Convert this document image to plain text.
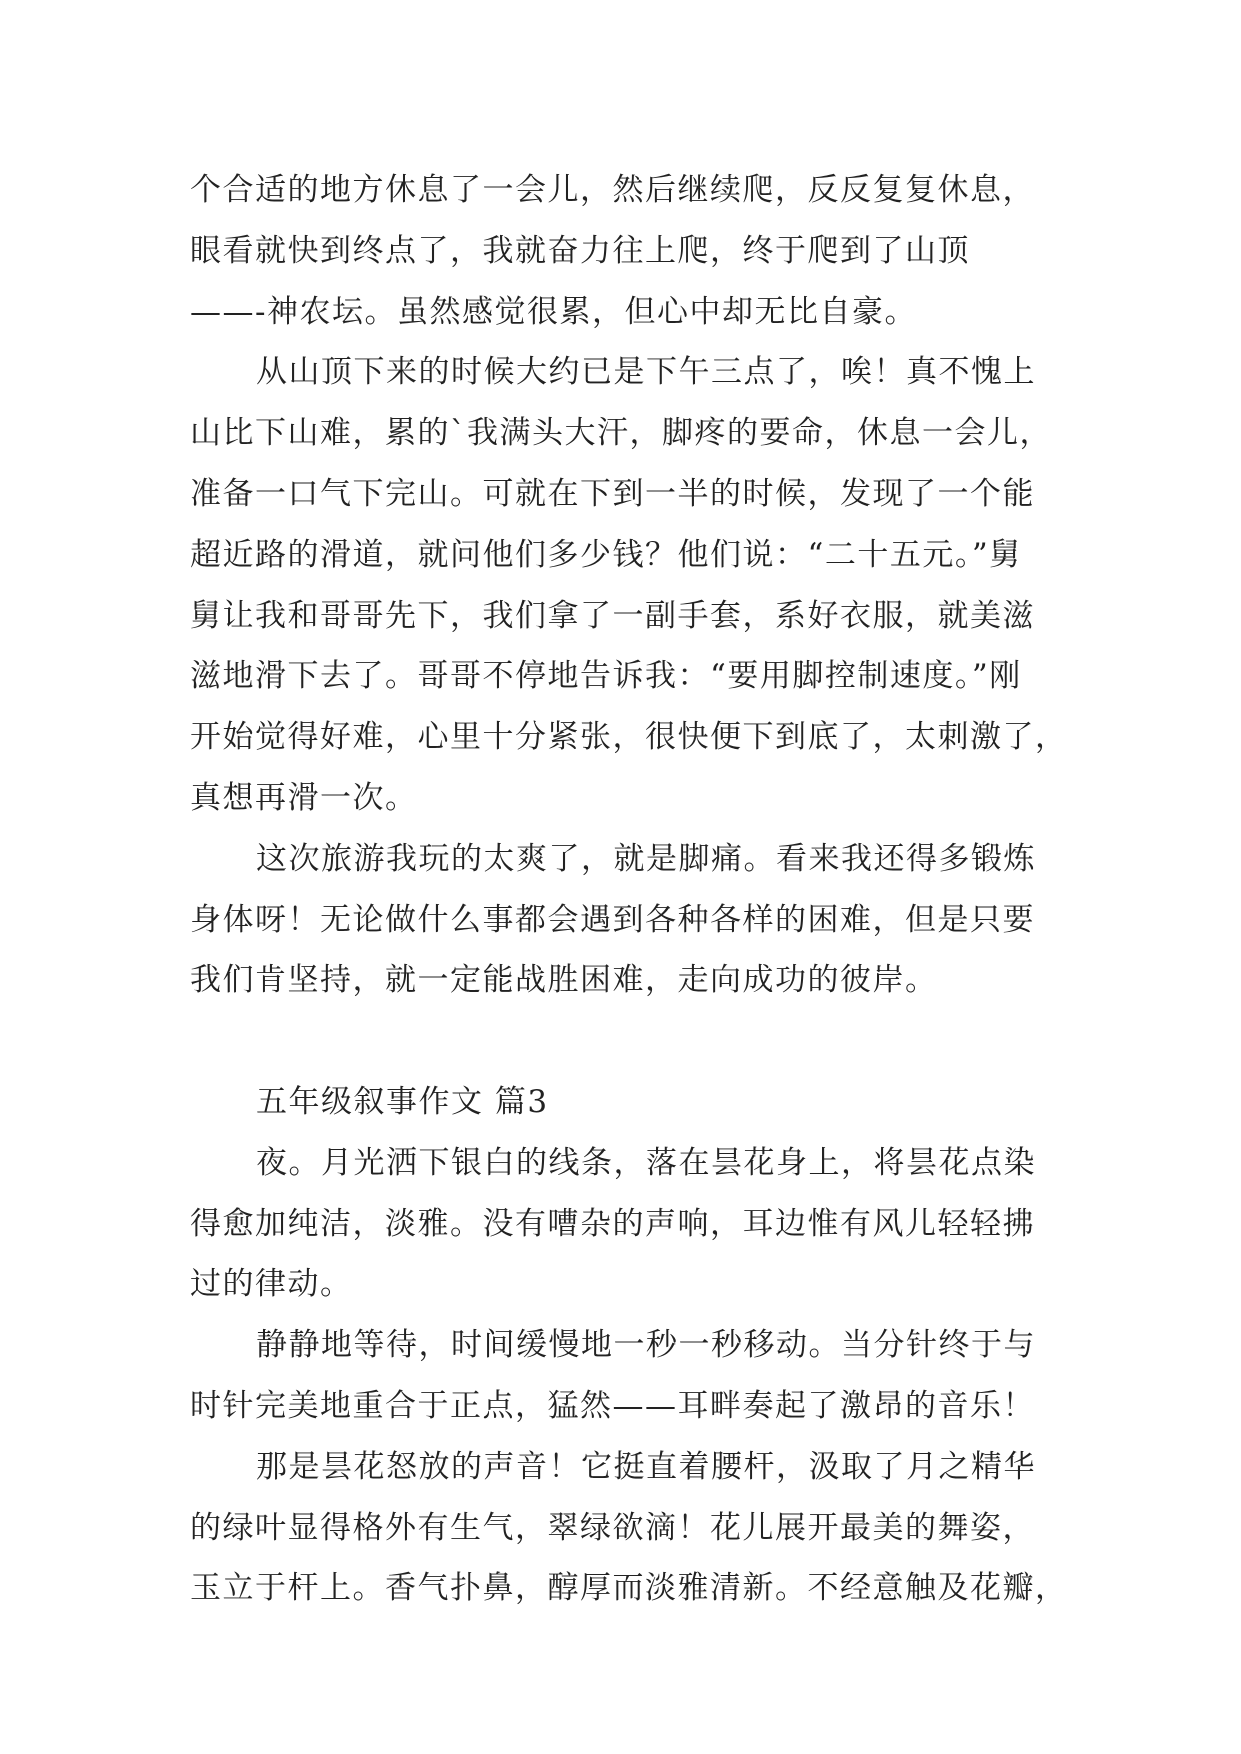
个合适的地方休息了一会儿，然后继续爬，反反复复休息，
眼看就快到终点了，我就奋力往上爬，终于爬到了山顶
——-神农坛。虽然感觉很累，但心中却无比自豪。
从山顶下来的时候大约已是下午三点了，唉！真不愧上
山比下山难，累的`我满头大汗，脚疼的要命，休息一会儿，
准备一口气下完山。可就在下到一半的时候，发现了一个能
超近路的滑道，就问他们多少钱？他们说：“二十五元。”舅
舅让我和哥哥先下，我们拿了一副手套，系好衣服，就美滋
滋地滑下去了。哥哥不停地告诉我：“要用脚控制速度。”刚
开始觉得好难，心里十分紧张，很快便下到底了，太刺激了，
真想再滑一次。
这次旅游我玩的太爽了，就是脚痛。看来我还得多锻炼
身体呀！无论做什么事都会遇到各种各样的困难，但是只要
我们肯坚持，就一定能战胜困难，走向成功的彼岸。
五年级叙事作文 篇3
夜。月光洒下银白的线条，落在昙花身上，将昙花点染
得愈加纯洁，淡雅。没有嘈杂的声响，耳边惟有风儿轻轻拂
过的律动。
静静地等待，时间缓慢地一秒一秒移动。当分针终于与
时针完美地重合于正点，猛然——耳畔奏起了激昂的音乐！
那是昙花怒放的声音！它挺直着腰杆，汲取了月之精华
的绿叶显得格外有生气，翠绿欲滴！花儿展开最美的舞姿，
玉立于杆上。香气扑鼻，醇厚而淡雅清新。不经意触及花瓣，
